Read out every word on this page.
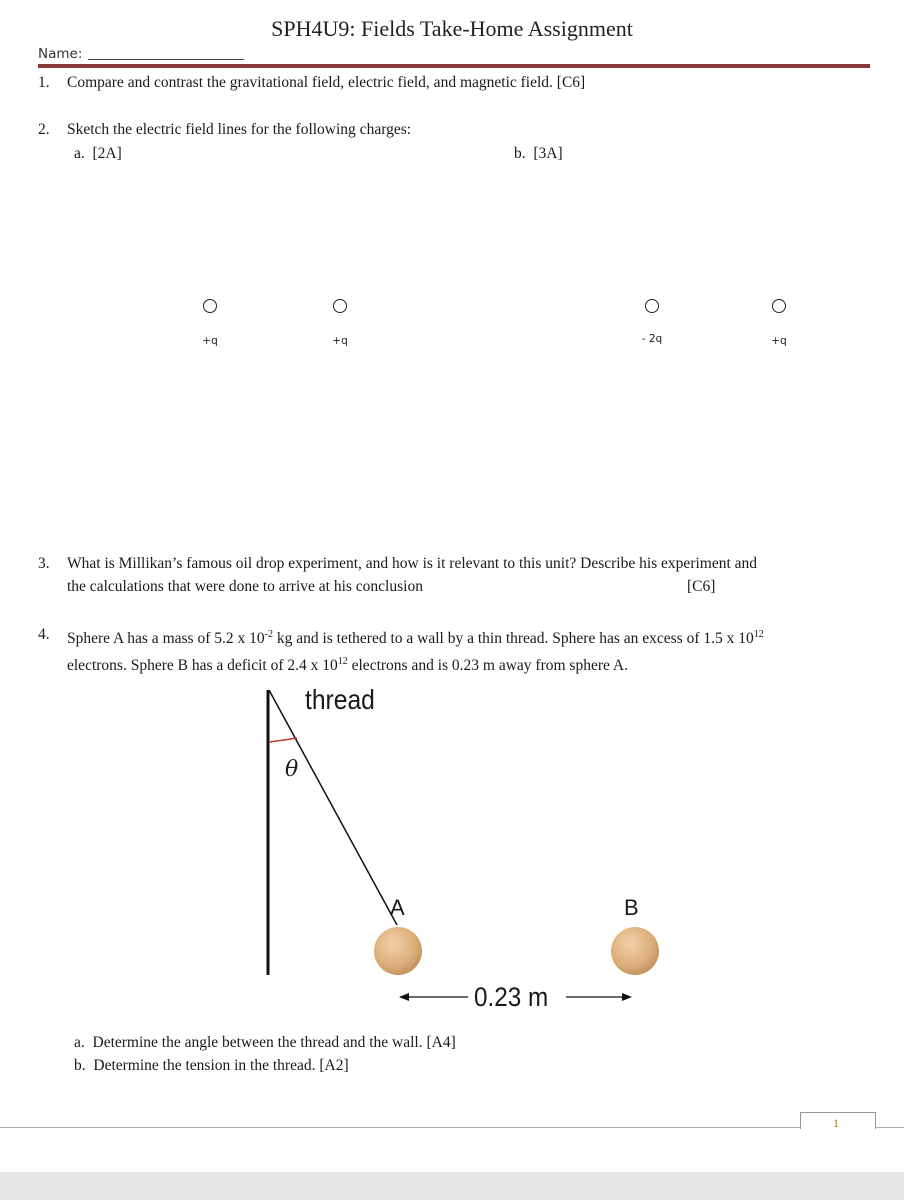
SPH4U9: Fields Take-Home Assignment
Name:
1. Compare and contrast the gravitational field, electric field, and magnetic field. [C6]
2. Sketch the electric field lines for the following charges:
a. [2A]	b. [3A]
+q	+q	- 2q	+q
3. What is Millikan’s famous oil drop experiment, and how is it relevant to this unit? Describe his experiment and
the calculations that were done to arrive at his conclusion	[C6]
4. Sphere A has a mass of 5.2 x $10^{-2}$ kg and is tethered to a wall by a thin thread. Sphere has an excess of 1.5 x $10^{12}$
electrons. Sphere B has a deficit of 2.4 x $10^{12}$ electrons and is 0.23 m away from sphere A.
thread
θ
A	B
0.23 m
a. Determine the angle between the thread and the wall. [A4]
b. Determine the tension in the thread. [A2]
1
